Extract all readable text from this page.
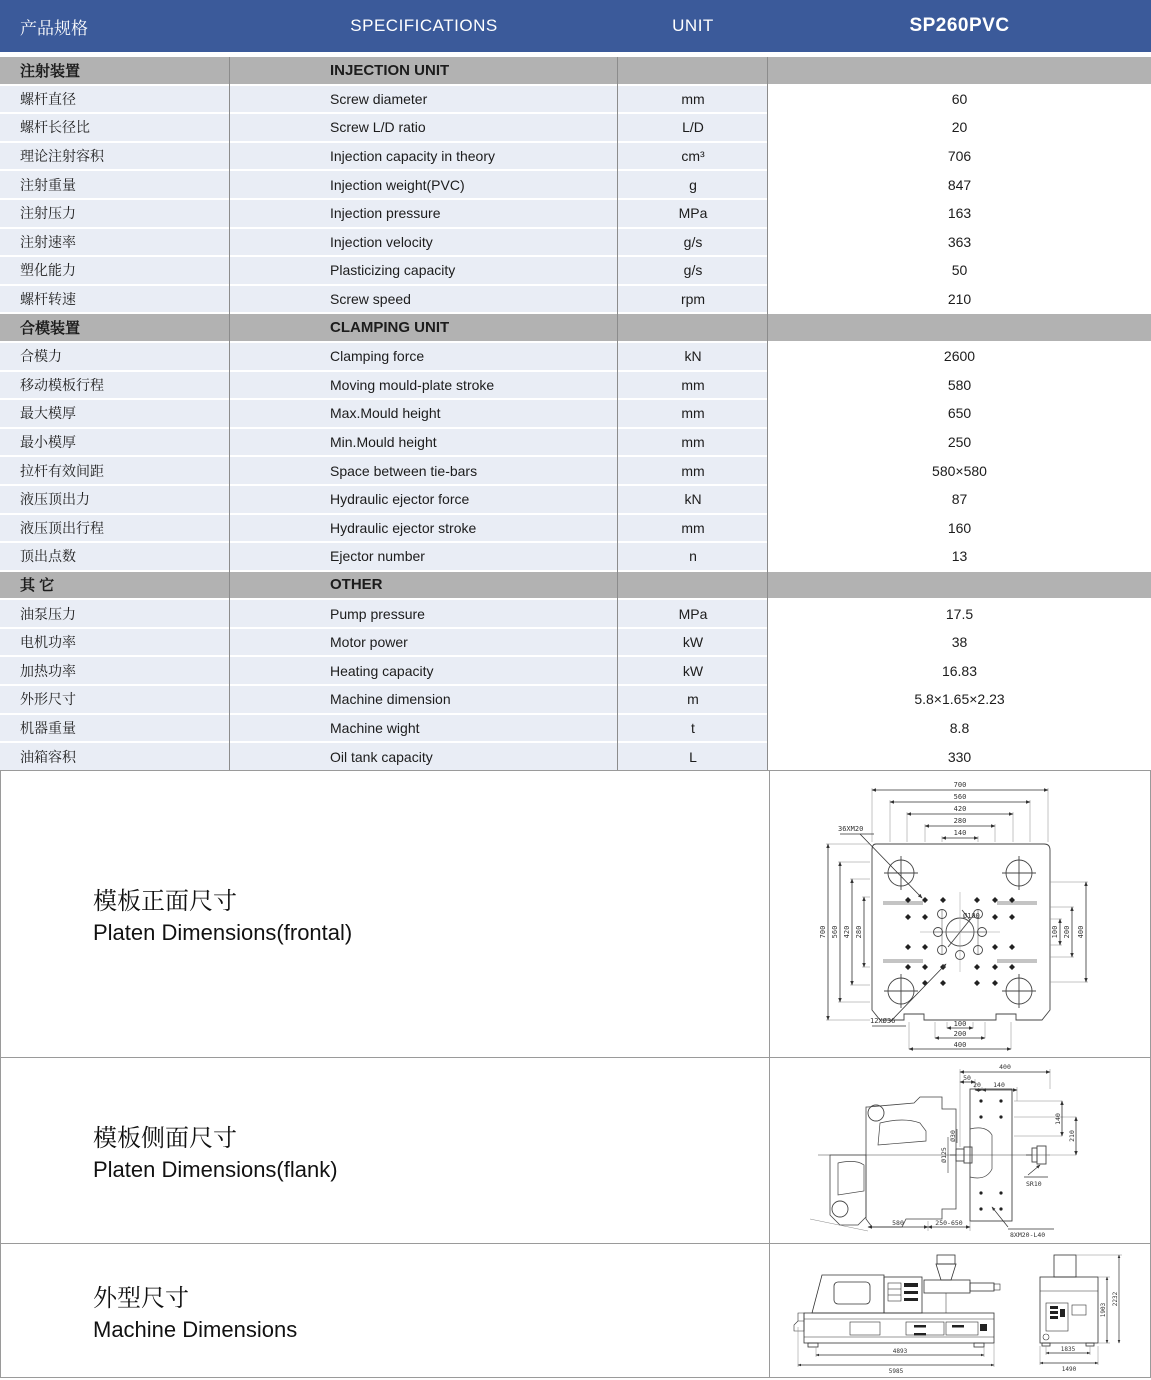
产品规格	SPECIFICATIONS	UNIT	SP260PVC
注射装置	INJECTION UNIT
螺杆直径	Screw diameter	mm	60
螺杆长径比	Screw L/D ratio	L/D	20
理论注射容积	Injection capacity in theory	cm³	706
注射重量	Injection weight(PVC)	g	847
注射压力	Injection pressure	MPa	163
注射速率	Injection velocity	g/s	363
塑化能力	Plasticizing capacity	g/s	50
螺杆转速	Screw speed	rpm	210
合模装置	CLAMPING UNIT
合模力	Clamping force	kN	2600
移动模板行程	Moving mould-plate stroke	mm	580
最大模厚	Max.Mould height	mm	650
最小模厚	Min.Mould height	mm	250
拉杆有效间距	Space between tie-bars	mm	580×580
液压顶出力	Hydraulic ejector force	kN	87
液压顶出行程	Hydraulic ejector stroke	mm	160
顶出点数	Ejector number	n	13
其 它	OTHER
油泵压力	Pump pressure	MPa	17.5
电机功率	Motor power	kW	38
加热功率	Heating capacity	kW	16.83
外形尺寸	Machine dimension	m	5.8×1.65×2.23
机器重量	Machine wight	t	8.8
油箱容积	Oil tank capacity	L	330
模板正面尺寸
Platen Dimensions(frontal)
700
560
420
280
140
700 560 420 280	100 200 400
100
200
400
36XM20
Ø100
12XØ36
模板侧面尺寸
Platen Dimensions(flank)
400
50
20 140
140
210
Ø125
Ø30
SR10
580	250-650
8XM20-L40
外型尺寸
Machine Dimensions
4893
5985
1835
1490
1903
2232
